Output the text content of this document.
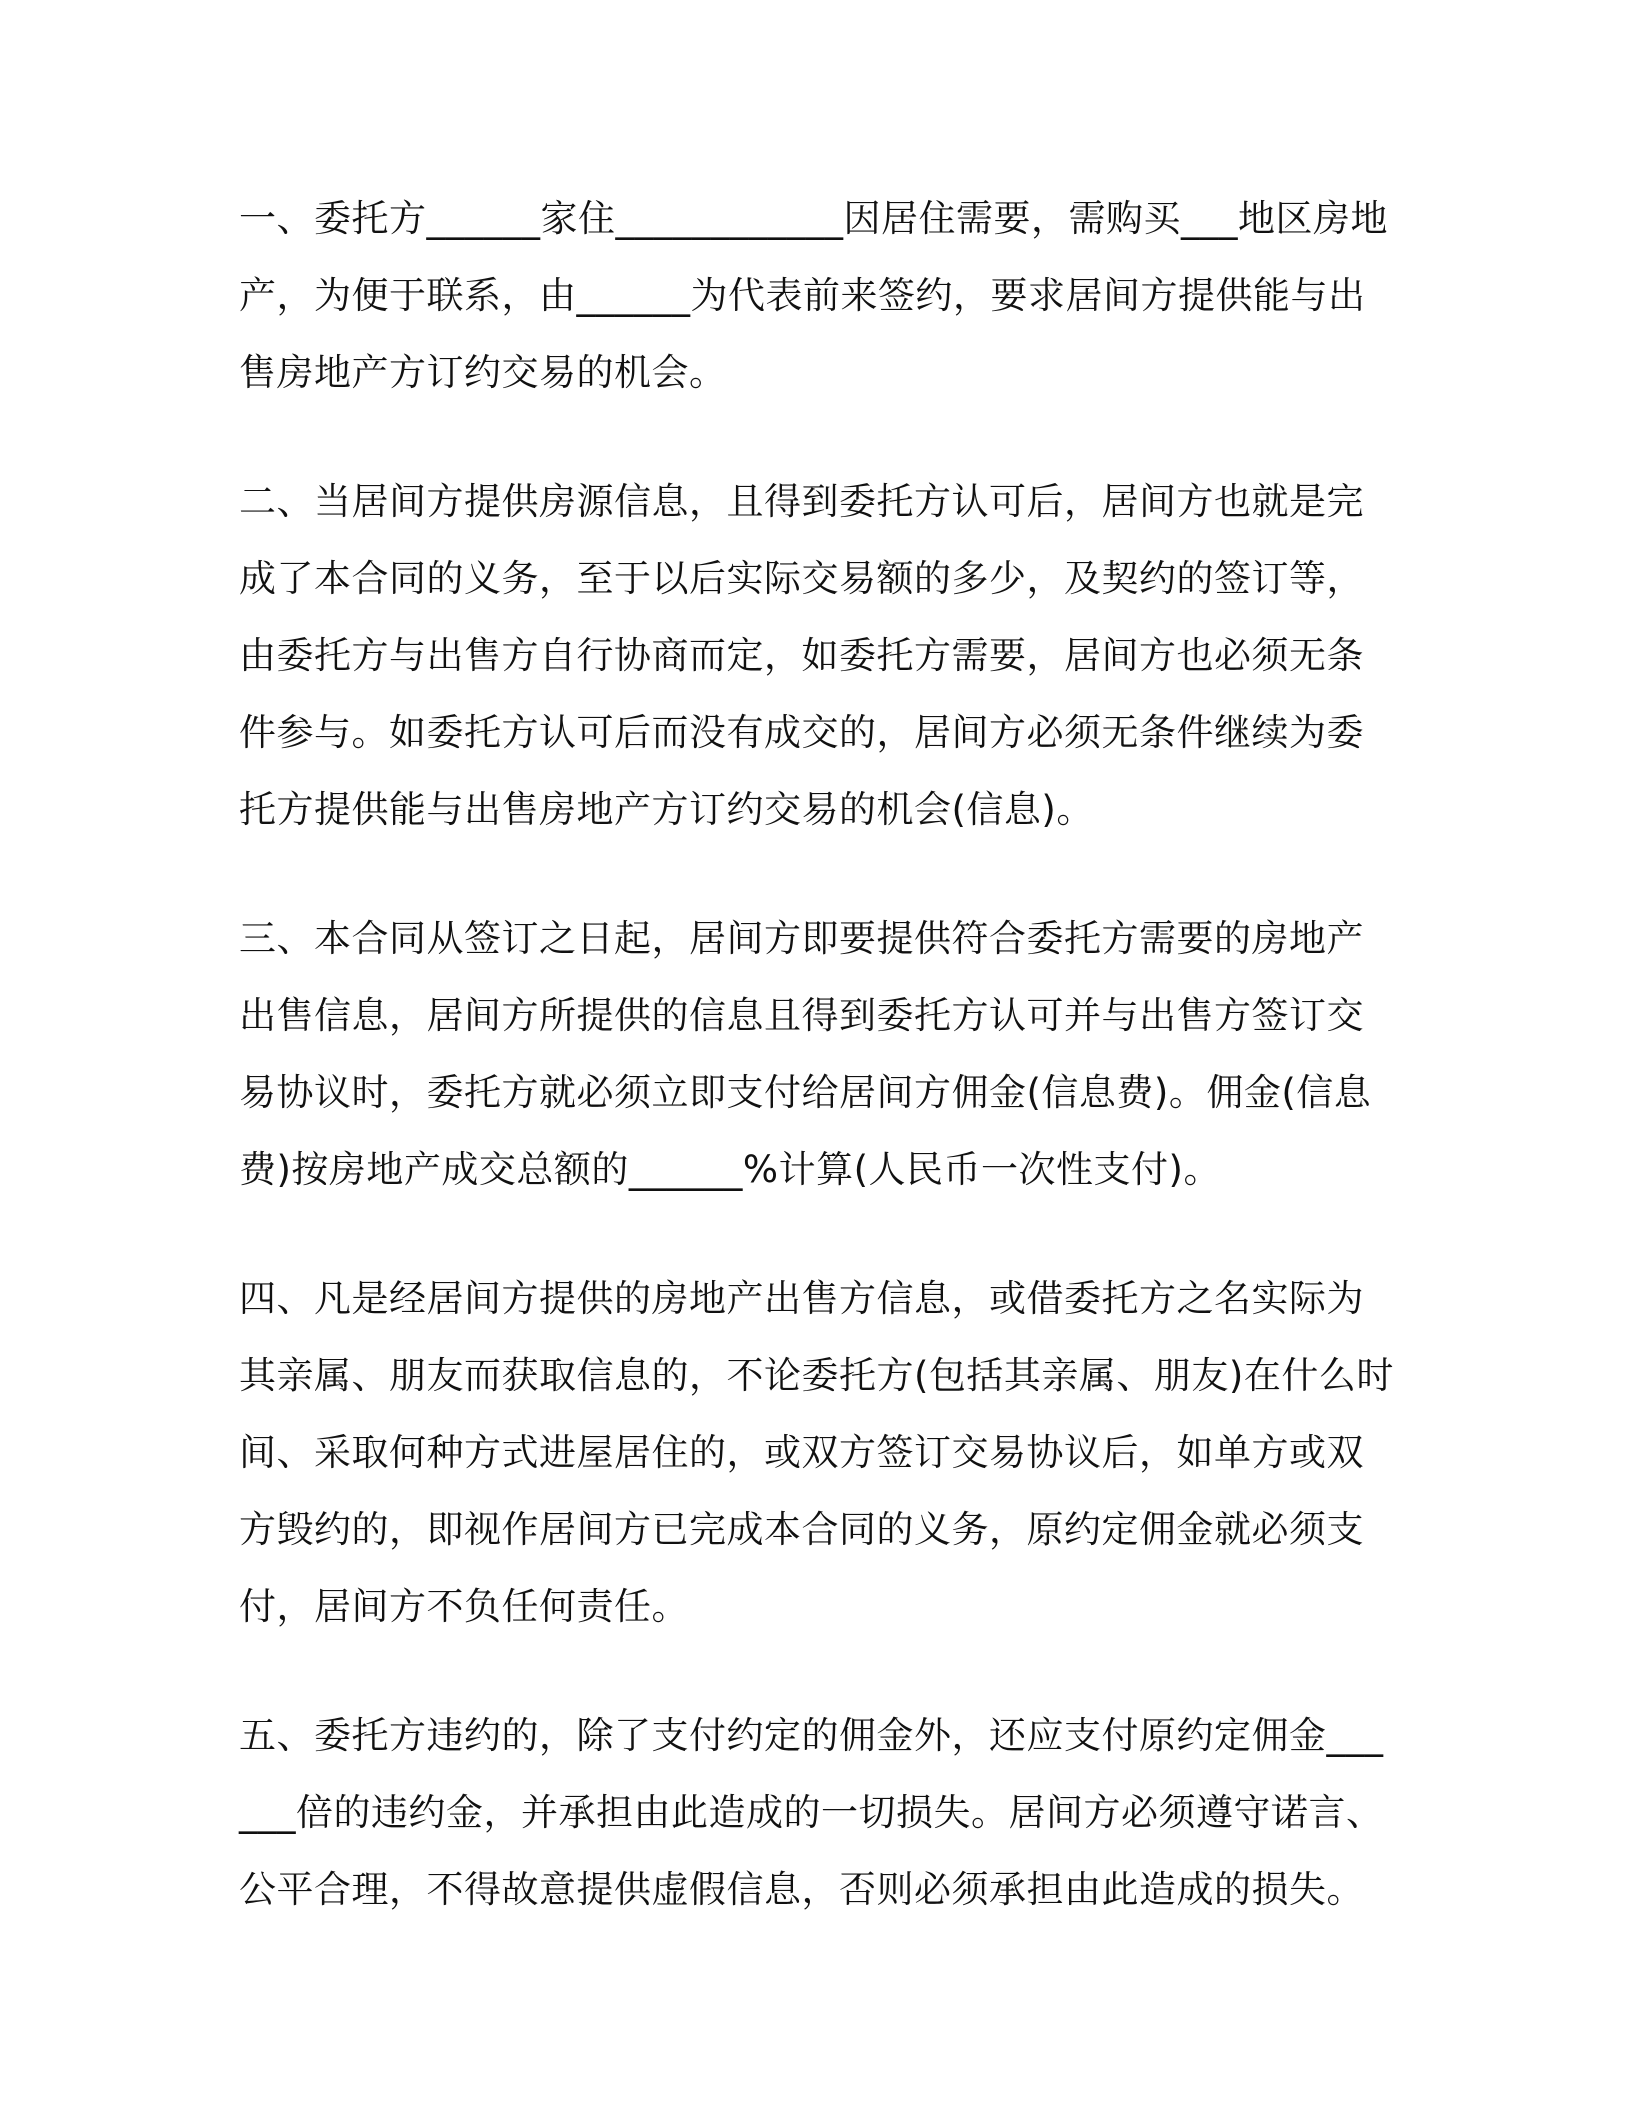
一、委托方______家住____________因居住需要，需购买___地区房地产，为便于联系，由______为代表前来签约，要求居间方提供能与出售房地产方订约交易的机会。

二、当居间方提供房源信息，且得到委托方认可后，居间方也就是完成了本合同的义务，至于以后实际交易额的多少，及契约的签订等，由委托方与出售方自行协商而定，如委托方需要，居间方也必须无条件参与。如委托方认可后而没有成交的，居间方必须无条件继续为委托方提供能与出售房地产方订约交易的机会(信息)。

三、本合同从签订之日起，居间方即要提供符合委托方需要的房地产出售信息，居间方所提供的信息且得到委托方认可并与出售方签订交易协议时，委托方就必须立即支付给居间方佣金(信息费)。佣金(信息费)按房地产成交总额的______%计算(人民币一次性支付)。

四、凡是经居间方提供的房地产出售方信息，或借委托方之名实际为其亲属、朋友而获取信息的，不论委托方(包括其亲属、朋友)在什么时间、采取何种方式进屋居住的，或双方签订交易协议后，如单方或双方毁约的，即视作居间方已完成本合同的义务，原约定佣金就必须支付，居间方不负任何责任。

五、委托方违约的，除了支付约定的佣金外，还应支付原约定佣金______倍的违约金，并承担由此造成的一切损失。居间方必须遵守诺言、公平合理，不得故意提供虚假信息，否则必须承担由此造成的损失。
